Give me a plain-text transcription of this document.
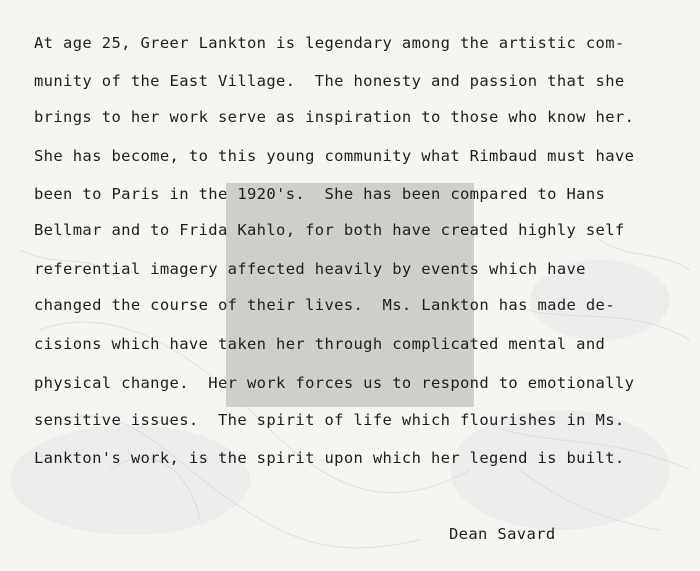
At age 25, Greer Lankton is legendary among the artistic com-
munity of the East Village.  The honesty and passion that she
brings to her work serve as inspiration to those who know her.
She has become, to this young community what Rimbaud must have
been to Paris in the 1920's.  She has been compared to Hans
Bellmar and to Frida Kahlo, for both have created highly self
referential imagery affected heavily by events which have
changed the course of their lives.  Ms. Lankton has made de-
cisions which have taken her through complicated mental and
physical change.  Her work forces us to respond to emotionally
sensitive issues.  The spirit of life which flourishes in Ms.
Lankton's work, is the spirit upon which her legend is built.
Dean Savard
